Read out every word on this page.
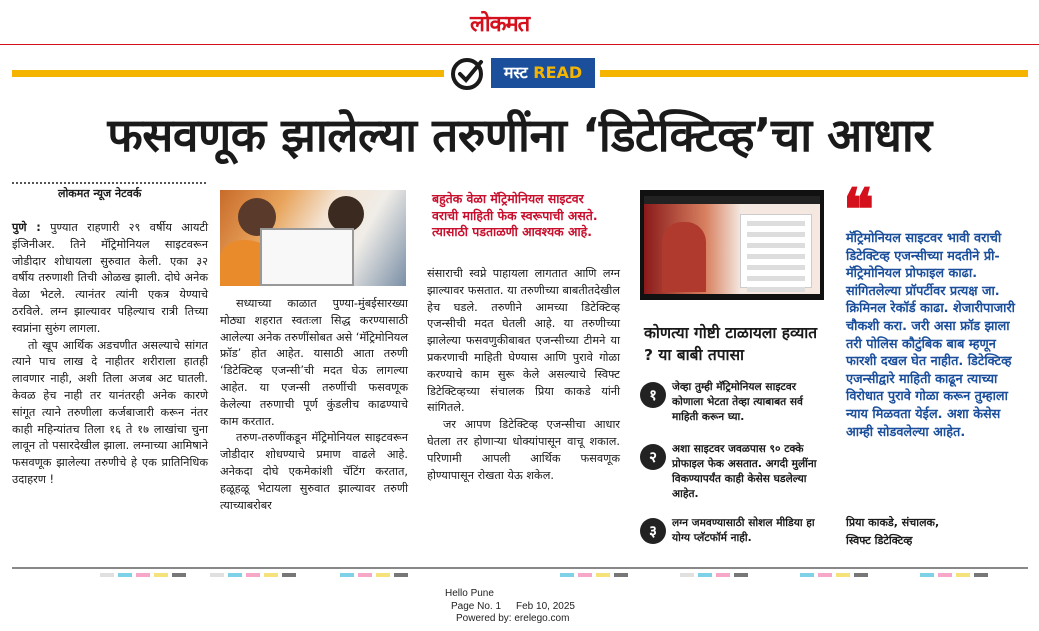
लोकमत
मस्ट READ
फसवणूक झालेल्या तरुणींना ‘डिटेक्टिव्ह’चा आधार
लोकमत न्यूज नेटवर्क

पुणे : पुण्यात राहणारी २९ वर्षीय आयटी इंजिनीअर. तिने मॅट्रिमोनियल साइटवरून जोडीदार शोधायला सुरुवात केली. एका ३२ वर्षीय तरुणाशी तिची ओळख झाली. दोघे अनेक वेळा भेटले. त्यानंतर त्यांनी एकत्र येण्याचे ठरविले. लग्न झाल्यावर पहिल्याच रात्री तिच्या स्वप्नांना सुरुंग लागला.

तो खूप आर्थिक अडचणीत असल्याचे सांगत त्याने पाच लाख दे नाहीतर शरीराला हातही लावणार नाही, अशी तिला अजब अट घातली. केवळ हेच नाही तर यानंतरही अनेक कारणे सांगूत त्याने तरुणीला कर्जबाजारी करून नंतर काही महिन्यांतच तिला १६ ते १७ लाखांचा चुना लावून तो पसारदेखील झाला. लग्नाच्या आमिषाने फसवणूक झालेल्या तरुणीचे हे एक प्रातिनिधिक उदाहरण !

सध्याच्या काळात पुण्या-मुंबईसारख्या मोठ्या शहरात स्वतःला सिद्ध करण्यासाठी आलेल्या अनेक तरुणींसोबत असे ‘मॅट्रिमोनियल फ्रॉड’ होत आहेत. यासाठी आता तरुणी ‘डिटेक्टिव्ह एजन्सी’ची मदत घेऊ लागल्या आहेत. या एजन्सी तरुणींची फसवणूक केलेल्या तरुणाची पूर्ण कुंडलीच काढण्याचे काम करतात.

तरुण-तरुणींकडून मॅट्रिमोनियल साइटवरून जोडीदार शोधण्याचे प्रमाण वाढले आहे. अनेकदा दोघे एकमेकांशी चॅटिंग करतात, हळूहळू भेटायला सुरुवात झाल्यावर तरुणी त्याच्याबरोबर

बहुतेक वेळा मॅट्रिमोनियल साइटवर वराची माहिती फेक स्वरूपाची असते. त्यासाठी पडताळणी आवश्यक आहे.

संसाराची स्वप्ने पाहायला लागतात आणि लग्न झाल्यावर फसतात. या तरुणीच्या बाबतीतदेखील हेच घडले. तरुणीने आमच्या डिटेक्टिव्ह एजन्सीची मदत घेतली आहे. या तरुणीच्या झालेल्या फसवणुकीबाबत एजन्सीच्या टीमने या प्रकरणाची माहिती घेण्यास आणि पुरावे गोळा करण्याचे काम सुरू केले असल्याचे स्विफ्ट डिटेक्टिव्हच्या संचालक प्रिया काकडे यांनी सांगितले.

जर आपण डिटेक्टिव्ह एजन्सीचा आधार घेतला तर होणाऱ्या धोक्यांपासून वाचू शकाल. परिणामी आपली आर्थिक फसवणूक होण्यापासून रोखता येऊ शकेल.

कोणत्या गोष्टी टाळायला हव्यात ? या बाबी तपासा
१	जेव्हा तुम्ही मॅट्रिमोनियल साइटवर कोणाला भेटता तेव्हा त्याबाबत सर्व माहिती करून घ्या.
२	अशा साइटवर जवळपास ९० टक्के प्रोफाइल फेक असतात. अगदी मुलींना विकण्यापर्यंत काही केसेस घडलेल्या आहेत.
३	लग्न जमवण्यासाठी सोशल मीडिया हा योग्य प्लॅटफॉर्म नाही.
❝
मॅट्रिमोनियल साइटवर भावी वराची डिटेक्टिव्ह एजन्सीच्या मदतीने प्री-मॅट्रिमोनियल प्रोफाइल काढा. सांगितलेल्या प्रॉपर्टीवर प्रत्यक्ष जा. क्रिमिनल रेकॉर्ड काढा. शेजारीपाजारी चौकशी करा. जरी असा फ्रॉड झाला तरी पोलिस कौटुंबिक बाब म्हणून फारशी दखल घेत नाहीत. डिटेक्टिव्ह एजन्सीद्वारे माहिती काढून त्याच्या विरोधात पुरावे गोळा करून तुम्हाला न्याय मिळवता येईल. अशा केसेस आम्ही सोडवलेल्या आहेत.
प्रिया काकडे, संचालक,
स्विफ्ट डिटेक्टिव्ह
Hello Pune
Page No. 1 Feb 10, 2025
Powered by: erelego.com
